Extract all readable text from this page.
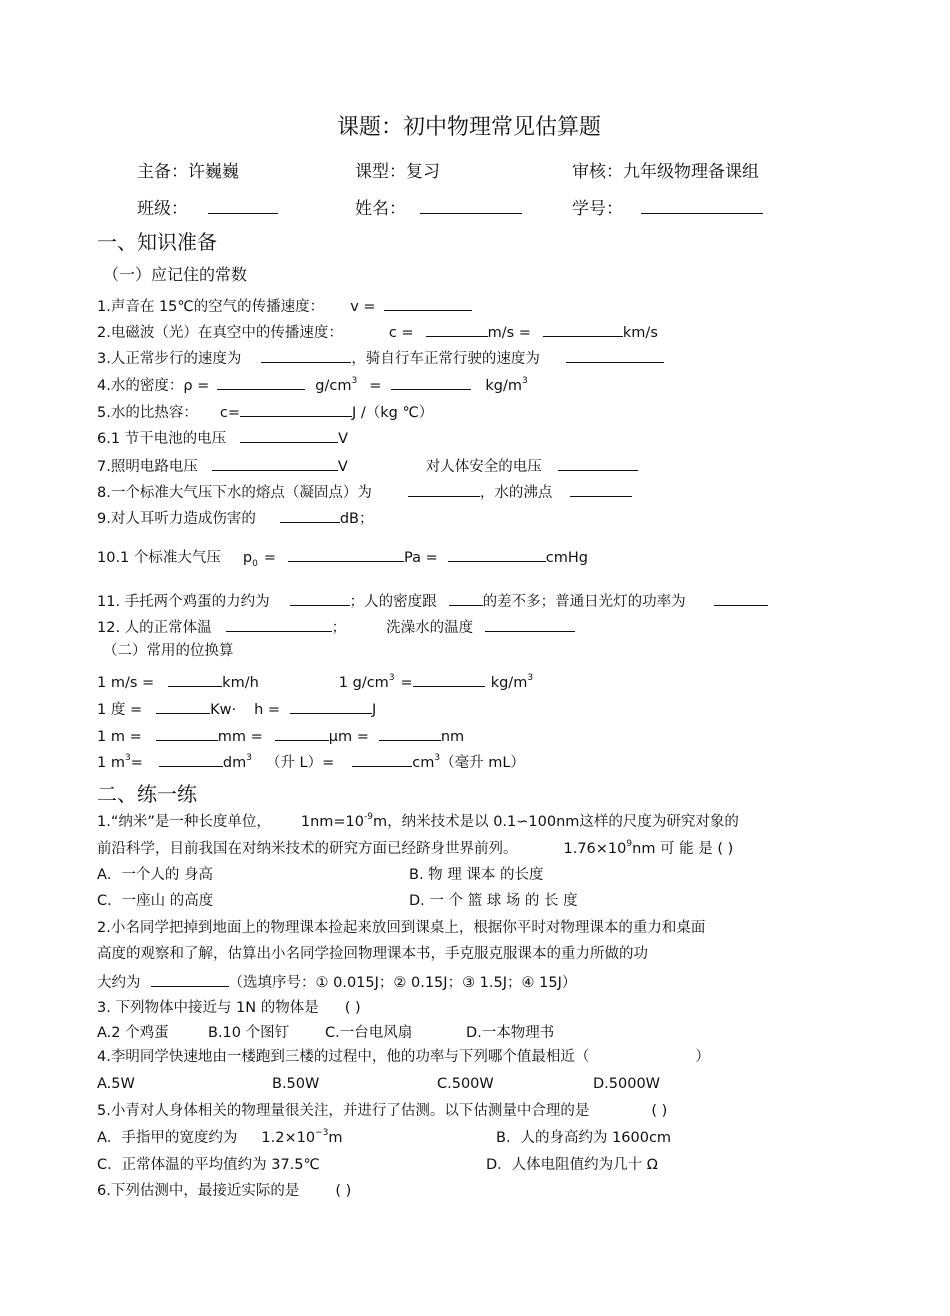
课题：初中物理常见估算题
主备：许巍巍	课型：复习	审核：九年级物理备课组
班级：	姓名：	学号：
一、知识准备
（一）应记住的常数
1.声音在 15℃的空气的传播速度： v =
2.电磁波（光）在真空中的传播速度：	c =	m/s =	km/s
3.人正常步行的速度为	，骑自行车正常行驶的速度为
4.水的密度：ρ =	$g/cm^3$ =	$kg/m^3$
5.水的比热容： c=	J /（kg ℃）
6.1 节干电池的电压	V
7.照明电路电压	V	对人体安全的电压
8.一个标准大气压下水的熔点（凝固点）为	，水的沸点
9.对人耳听力造成伤害的	dB；
10.1 个标准大气压 $p_0$ =	Pa =	cmHg
11. 手托两个鸡蛋的力约为	；人的密度跟	的差不多；普通日光灯的功率为
12. 人的正常体温	；	洗澡水的温度
（二）常用的位换算
1 m/s =	km/h	1 $g/cm^3$ =	$kg/m^3$
1 度 =	Kw· h =	J
1 m =	mm =	μm =	nm
1 $m^3=$	$dm^3$ （升 L）=	$cm^3$（毫升 mL）
二、练一练
1.“纳米”是一种长度单位， $1nm=10^{-9}m$，纳米技术是以 0.1∽100nm这样的尺度为研究对象的
前沿科学，目前我国在对纳米技术的研究方面已经跻身世界前列。	$1.76\times 10^9nm$ 可 能 是 ( )
A．一个人的 身高	B. 物 理 课本 的长度
C．一座山 的高度	D. 一 个 篮 球 场 的 长 度
2.小名同学把掉到地面上的物理课本捡起来放回到课桌上，根据你平时对物理课本的重力和桌面
高度的观察和了解，估算出小名同学捡回物理课本书，手克服克服课本的重力所做的功
大约为	（选填序号：① 0.015J；② 0.15J；③ 1.5J；④ 15J）
3. 下列物体中接近与 1N 的物体是 ( )
A.2 个鸡蛋	B.10 个图钉 C.一台电风扇	D.一本物理书
4.李明同学快速地由一楼跑到三楼的过程中，他的功率与下列哪个值最相近（	）
A.5W	B.50W	C.500W	D.5000W
5.小青对人身体相关的物理量很关注，并进行了估测。以下估测量中合理的是	( )
A．手指甲的宽度约为 $1.2\times 10^{-3}m$	B．人的身高约为 1600cm
C．正常体温的平均值约为 37.5℃	D．人体电阻值约为几十 Ω
6.下列估测中，最接近实际的是 ( )
